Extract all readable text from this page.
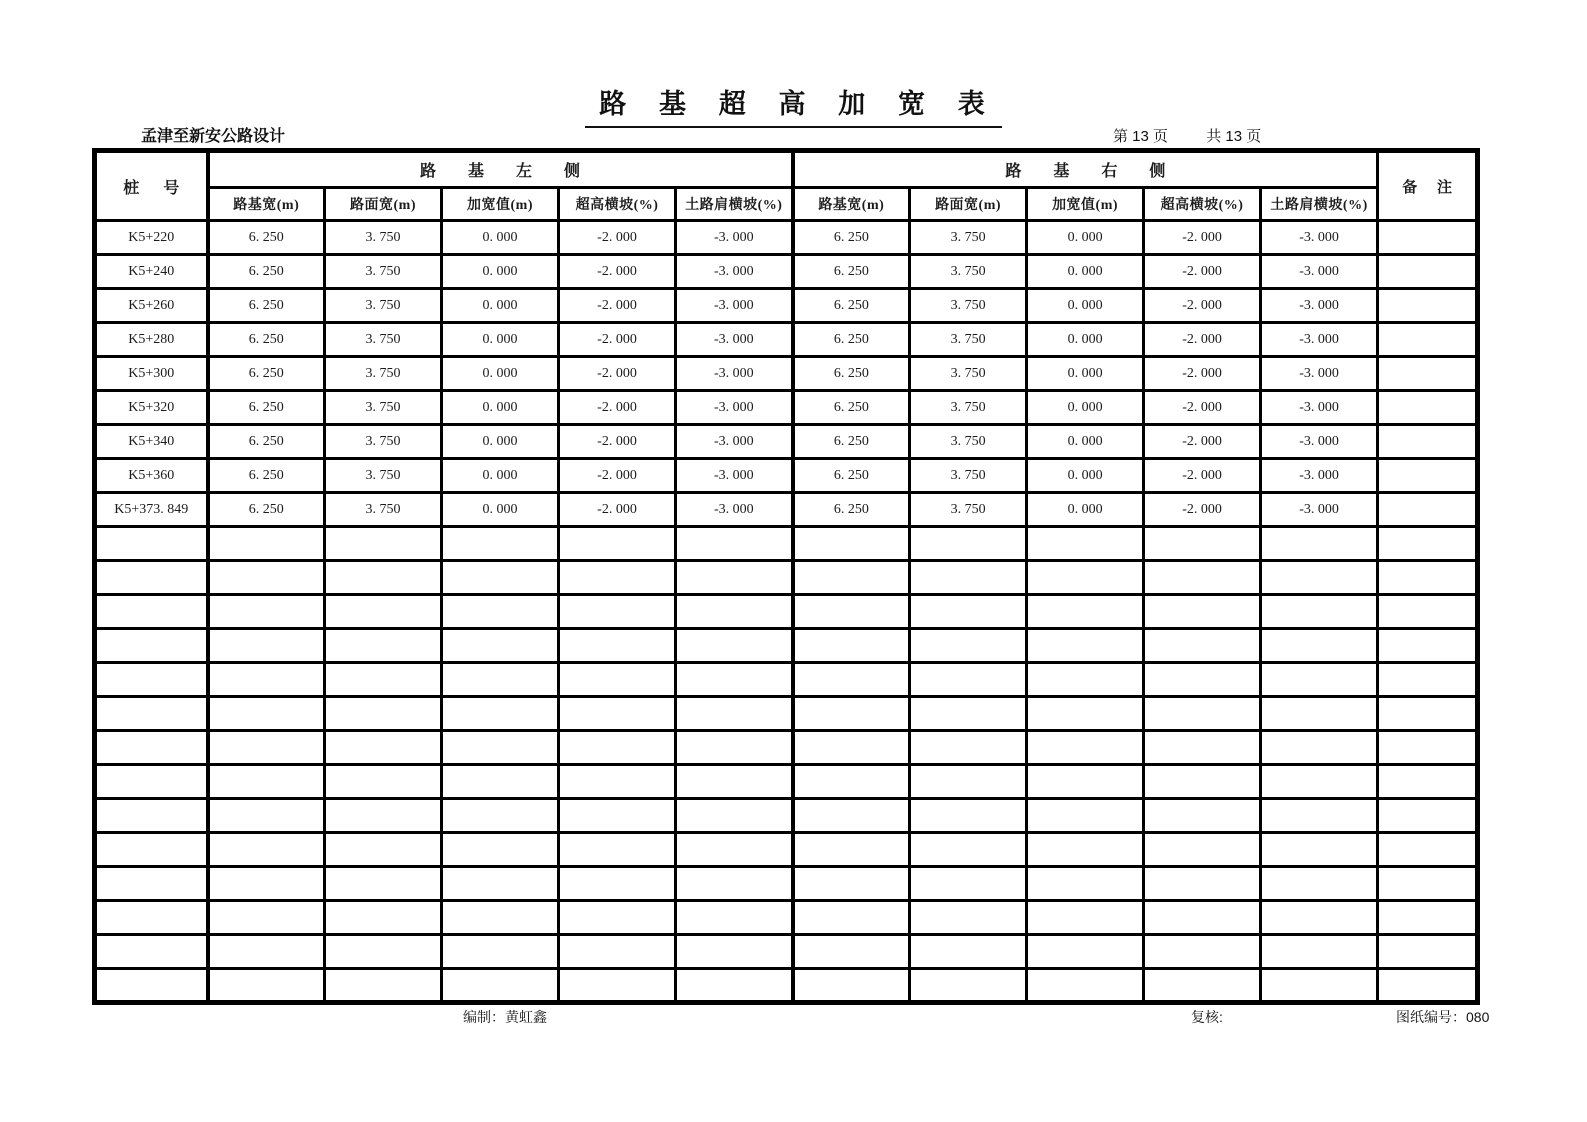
路 基 超 高 加 宽 表
孟津至新安公路设计	第 13 页	共 13 页
桩 号	路 基 左 侧					路 基 右 侧					备 注
	路基宽(m)	路面宽(m)	加宽值(m)	超高横坡(%)	土路肩横坡(%)	路基宽(m)	路面宽(m)	加宽值(m)	超高横坡(%)	土路肩横坡(%)	
K5+220	6. 250	3. 750	0. 000	-2. 000	-3. 000	6. 250	3. 750	0. 000	-2. 000	-3. 000	
K5+240	6. 250	3. 750	0. 000	-2. 000	-3. 000	6. 250	3. 750	0. 000	-2. 000	-3. 000	
K5+260	6. 250	3. 750	0. 000	-2. 000	-3. 000	6. 250	3. 750	0. 000	-2. 000	-3. 000	
K5+280	6. 250	3. 750	0. 000	-2. 000	-3. 000	6. 250	3. 750	0. 000	-2. 000	-3. 000	
K5+300	6. 250	3. 750	0. 000	-2. 000	-3. 000	6. 250	3. 750	0. 000	-2. 000	-3. 000	
K5+320	6. 250	3. 750	0. 000	-2. 000	-3. 000	6. 250	3. 750	0. 000	-2. 000	-3. 000	
K5+340	6. 250	3. 750	0. 000	-2. 000	-3. 000	6. 250	3. 750	0. 000	-2. 000	-3. 000	
K5+360	6. 250	3. 750	0. 000	-2. 000	-3. 000	6. 250	3. 750	0. 000	-2. 000	-3. 000	
K5+373. 849	6. 250	3. 750	0. 000	-2. 000	-3. 000	6. 250	3. 750	0. 000	-2. 000	-3. 000	

编制：黄虹鑫	复核:	图纸编号：080
